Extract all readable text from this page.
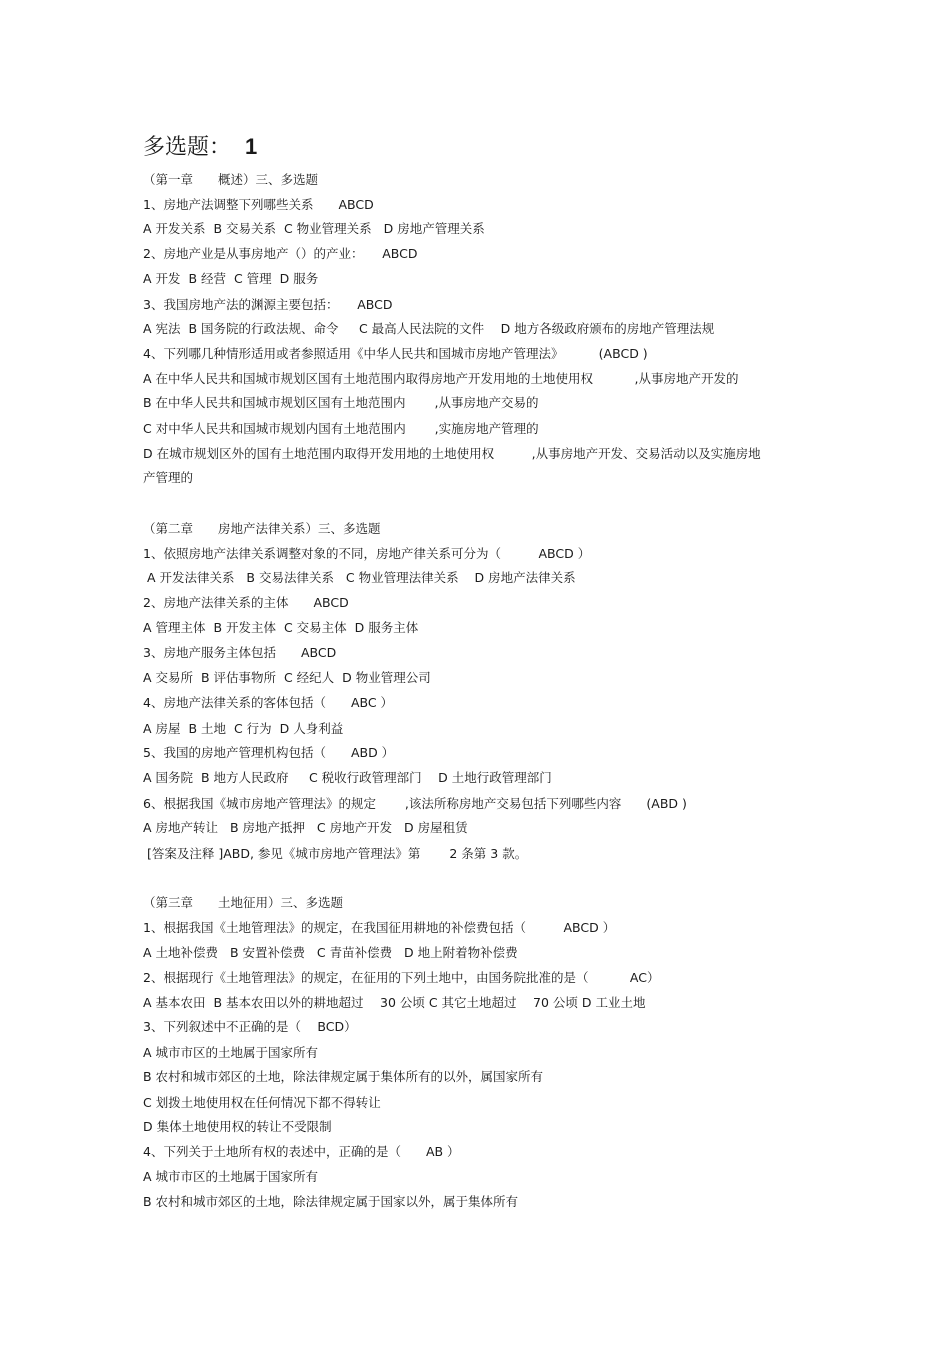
多选题： 1
（第一章　　概述）三、多选题
1、房地产法调整下列哪些关系　　ABCD
A 开发关系  B 交易关系  C 物业管理关系   D 房地产管理关系
2、房地产业是从事房地产（）的产业：　　ABCD
A 开发  B 经营  C 管理  D 服务
3、我国房地产法的渊源主要包括：　　ABCD
A 宪法  B 国务院的行政法规、命令　  C 最高人民法院的文件　 D 地方各级政府颁布的房地产管理法规
4、下列哪几种情形适用或者参照适用《中华人民共和国城市房地产管理法》　　　 (ABCD )
A 在中华人民共和国城市规划区国有土地范围内取得房地产开发用地的土地使用权　　　 ,从事房地产开发的
B 在中华人民共和国城市规划区国有土地范围内　　 ,从事房地产交易的
C 对中华人民共和国城市规划内国有土地范围内　　 ,实施房地产管理的
D 在城市规划区外的国有土地范围内取得开发用地的土地使用权　　　,从事房地产开发、交易活动以及实施房地
产管理的
（第二章　　房地产法律关系）三、多选题
1、依照房地产法律关系调整对象的不同，房地产律关系可分为（　　　ABCD ）
A 开发法律关系   B 交易法律关系   C 物业管理法律关系    D 房地产法律关系
2、房地产法律关系的主体　　ABCD
A 管理主体  B 开发主体  C 交易主体  D 服务主体
3、房地产服务主体包括　　ABCD
A 交易所  B 评估事物所  C 经纪人  D 物业管理公司
4、房地产法律关系的客体包括（　　ABC ）
A 房屋  B 土地  C 行为  D 人身利益
5、我国的房地产管理机构包括（　　ABD ）
A 国务院  B 地方人民政府　  C 税收行政管理部门　 D 土地行政管理部门
6、根据我国《城市房地产管理法》的规定　　 ,该法所称房地产交易包括下列哪些内容　　(ABD )
A 房地产转让   B 房地产抵押   C 房地产开发   D 房屋租赁
[答案及注释 ]ABD, 参见《城市房地产管理法》第　　 2 条第 3 款。
（第三章　　土地征用）三、多选题
1、根据我国《土地管理法》的规定，在我国征用耕地的补偿费包括（　　　ABCD ）
A 土地补偿费   B 安置补偿费   C 青苗补偿费   D 地上附着物补偿费
2、根据现行《土地管理法》的规定，在征用的下列土地中，由国务院批准的是（　　　 AC）
A 基本农田  B 基本农田以外的耕地超过　 30 公顷 C 其它土地超过　 70 公顷 D 工业土地
3、下列叙述中不正确的是（　 BCD）
A 城市市区的土地属于国家所有
B 农村和城市郊区的土地，除法律规定属于集体所有的以外，属国家所有
C 划拨土地使用权在任何情况下都不得转让
D 集体土地使用权的转让不受限制
4、下列关于土地所有权的表述中，正确的是（　　AB ）
A 城市市区的土地属于国家所有
B 农村和城市郊区的土地，除法律规定属于国家以外，属于集体所有
